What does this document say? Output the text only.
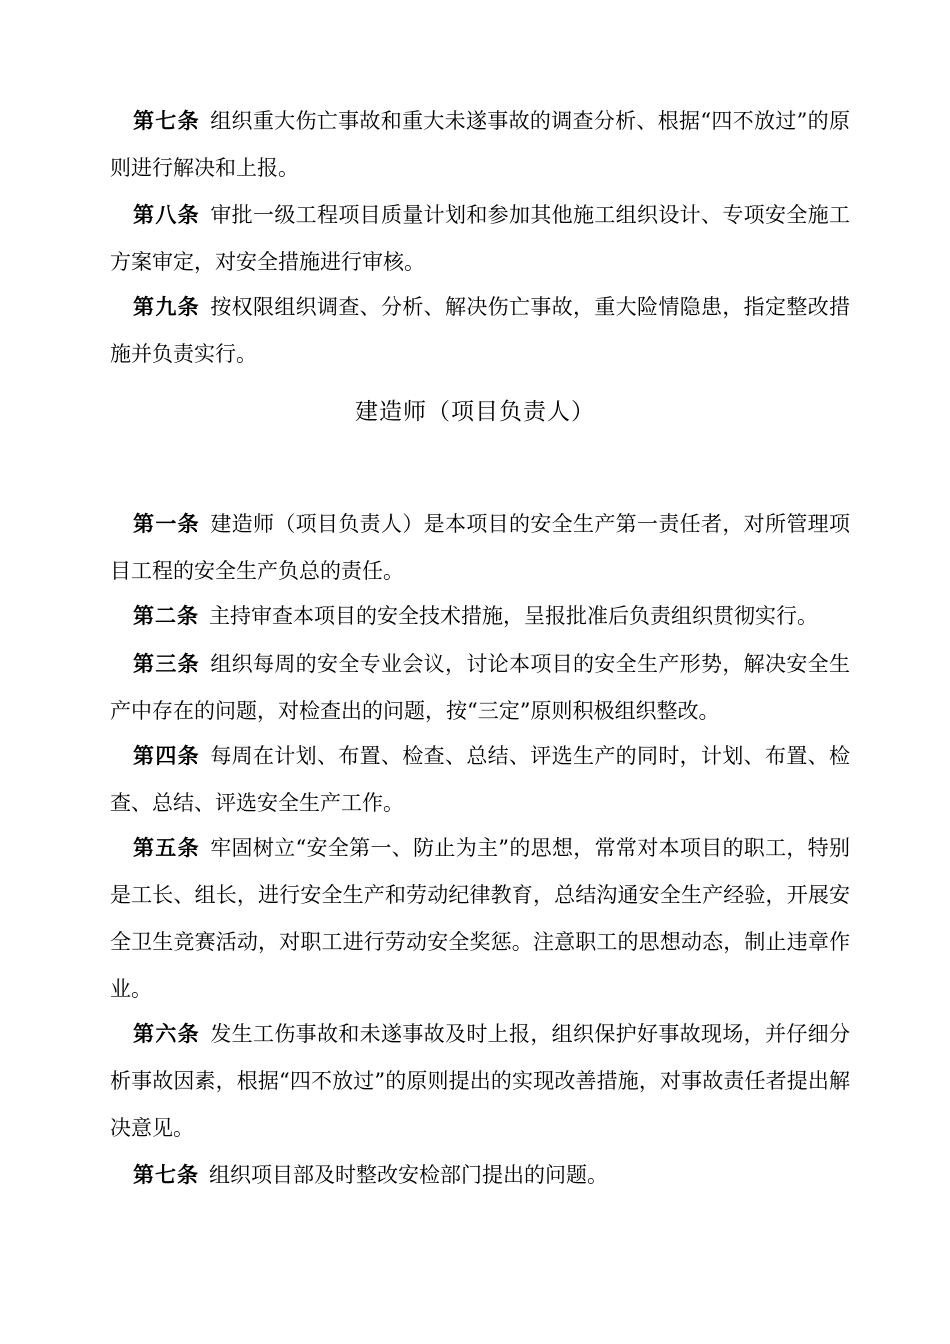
第七条 组织重大伤亡事故和重大未遂事故的调查分析、根据“四不放过”的原则进行解决和上报。

第八条 审批一级工程项目质量计划和参加其他施工组织设计、专项安全施工方案审定，对安全措施进行审核。

第九条 按权限组织调查、分析、解决伤亡事故，重大险情隐患，指定整改措施并负责实行。

建造师（项目负责人）

第一条 建造师（项目负责人）是本项目的安全生产第一责任者，对所管理项目工程的安全生产负总的责任。

第二条 主持审查本项目的安全技术措施，呈报批准后负责组织贯彻实行。

第三条 组织每周的安全专业会议，讨论本项目的安全生产形势，解决安全生产中存在的问题，对检查出的问题，按“三定”原则积极组织整改。

第四条 每周在计划、布置、检查、总结、评选生产的同时，计划、布置、检查、总结、评选安全生产工作。

第五条 牢固树立“安全第一、防止为主”的思想，常常对本项目的职工，特别是工长、组长，进行安全生产和劳动纪律教育，总结沟通安全生产经验，开展安全卫生竞赛活动，对职工进行劳动安全奖惩。注意职工的思想动态，制止违章作业。

第六条 发生工伤事故和未遂事故及时上报，组织保护好事故现场，并仔细分析事故因素，根据“四不放过”的原则提出的实现改善措施，对事故责任者提出解决意见。

第七条 组织项目部及时整改安检部门提出的问题。
